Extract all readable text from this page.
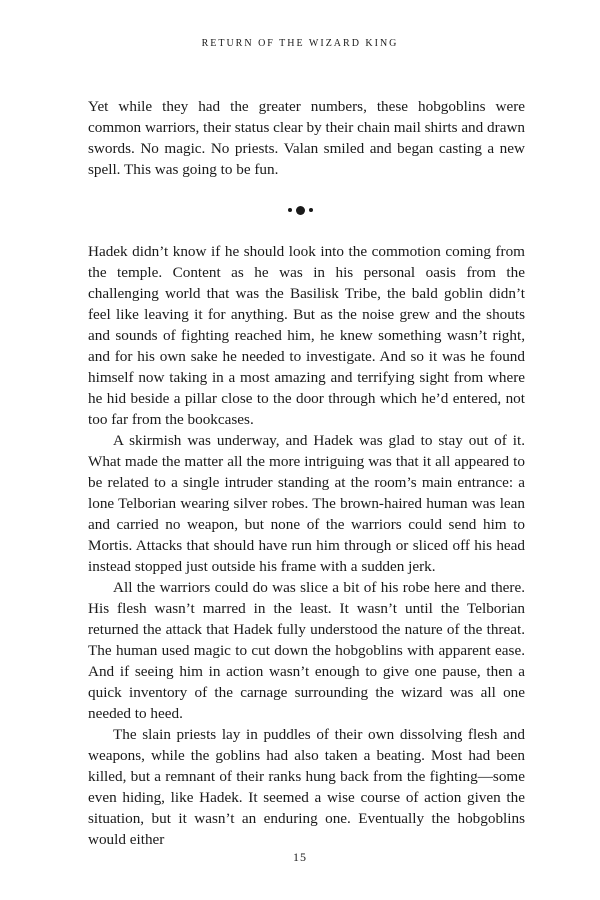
RETURN OF THE WIZARD KING

Yet while they had the greater numbers, these hobgoblins were common warriors, their status clear by their chain mail shirts and drawn swords. No magic. No priests. Valan smiled and began casting a new spell. This was going to be fun.

Hadek didn’t know if he should look into the commotion coming from the temple. Content as he was in his personal oasis from the challenging world that was the Basilisk Tribe, the bald goblin didn’t feel like leaving it for anything. But as the noise grew and the shouts and sounds of fighting reached him, he knew something wasn’t right, and for his own sake he needed to investigate. And so it was he found himself now taking in a most amazing and terrifying sight from where he hid beside a pillar close to the door through which he’d entered, not too far from the bookcases.

A skirmish was underway, and Hadek was glad to stay out of it. What made the matter all the more intriguing was that it all appeared to be related to a single intruder standing at the room’s main entrance: a lone Telborian wearing silver robes. The brown-haired human was lean and carried no weapon, but none of the warriors could send him to Mortis. Attacks that should have run him through or sliced off his head instead stopped just outside his frame with a sudden jerk.

All the warriors could do was slice a bit of his robe here and there. His flesh wasn’t marred in the least. It wasn’t until the Telborian returned the attack that Hadek fully understood the nature of the threat. The human used magic to cut down the hobgoblins with apparent ease. And if seeing him in action wasn’t enough to give one pause, then a quick inventory of the carnage surrounding the wizard was all one needed to heed.

The slain priests lay in puddles of their own dissolving flesh and weapons, while the goblins had also taken a beating. Most had been killed, but a remnant of their ranks hung back from the fighting—some even hiding, like Hadek. It seemed a wise course of action given the situation, but it wasn’t an enduring one. Eventually the hobgoblins would either

15
